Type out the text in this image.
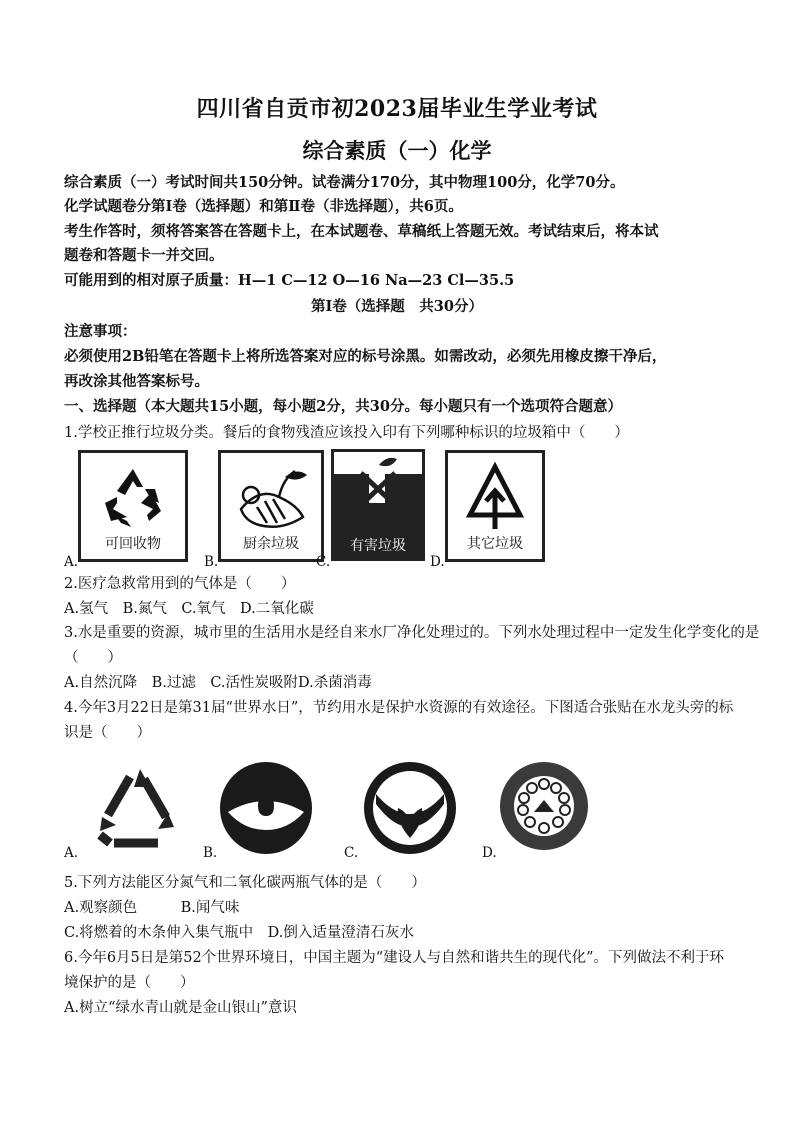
四川省自贡市初2023届毕业生学业考试
综合素质（一）化学
综合素质（一）考试时间共150分钟。试卷满分170分，其中物理100分，化学70分。
化学试题卷分第Ⅰ卷（选择题）和第Ⅱ卷（非选择题），共6页。
考生作答时，须将答案答在答题卡上，在本试题卷、草稿纸上答题无效。考试结束后，将本试
题卷和答题卡一并交回。
可能用到的相对原子质量：H—1 C—12 O—16 Na—23 Cl—35.5
第Ⅰ卷（选择题　共30分）
注意事项：
必须使用2B铅笔在答题卡上将所选答案对应的标号涂黑。如需改动，必须先用橡皮擦干净后，
再改涂其他答案标号。
一、选择题（本大题共15小题，每小题2分，共30分。每小题只有一个选项符合题意）
1.学校正推行垃圾分类。餐后的食物残渣应该投入印有下列哪种标识的垃圾箱中（　　）
可回收物
A.
厨余垃圾
B.
有害垃圾
C.
其它垃圾
D.
2.医疗急救常用到的气体是（　　）
A.氢气　B.氮气　C.氧气　D.二氧化碳
3.水是重要的资源，城市里的生活用水是经自来水厂净化处理过的。下列水处理过程中一定发生化学变化的是
（　　）
A.自然沉降　B.过滤　C.活性炭吸附D.杀菌消毒
4.今年3月22日是第31届“世界水日”，节约用水是保护水资源的有效途径。下图适合张贴在水龙头旁的标
识是（　　）
A.	B.	C.	D.
5.下列方法能区分氮气和二氧化碳两瓶气体的是（　　）
A.观察颜色　　　B.闻气味
C.将燃着的木条伸入集气瓶中　D.倒入适量澄清石灰水
6.今年6月5日是第52个世界环境日，中国主题为“建设人与自然和谐共生的现代化”。下列做法不利于环
境保护的是（　　）
A.树立“绿水青山就是金山银山”意识
